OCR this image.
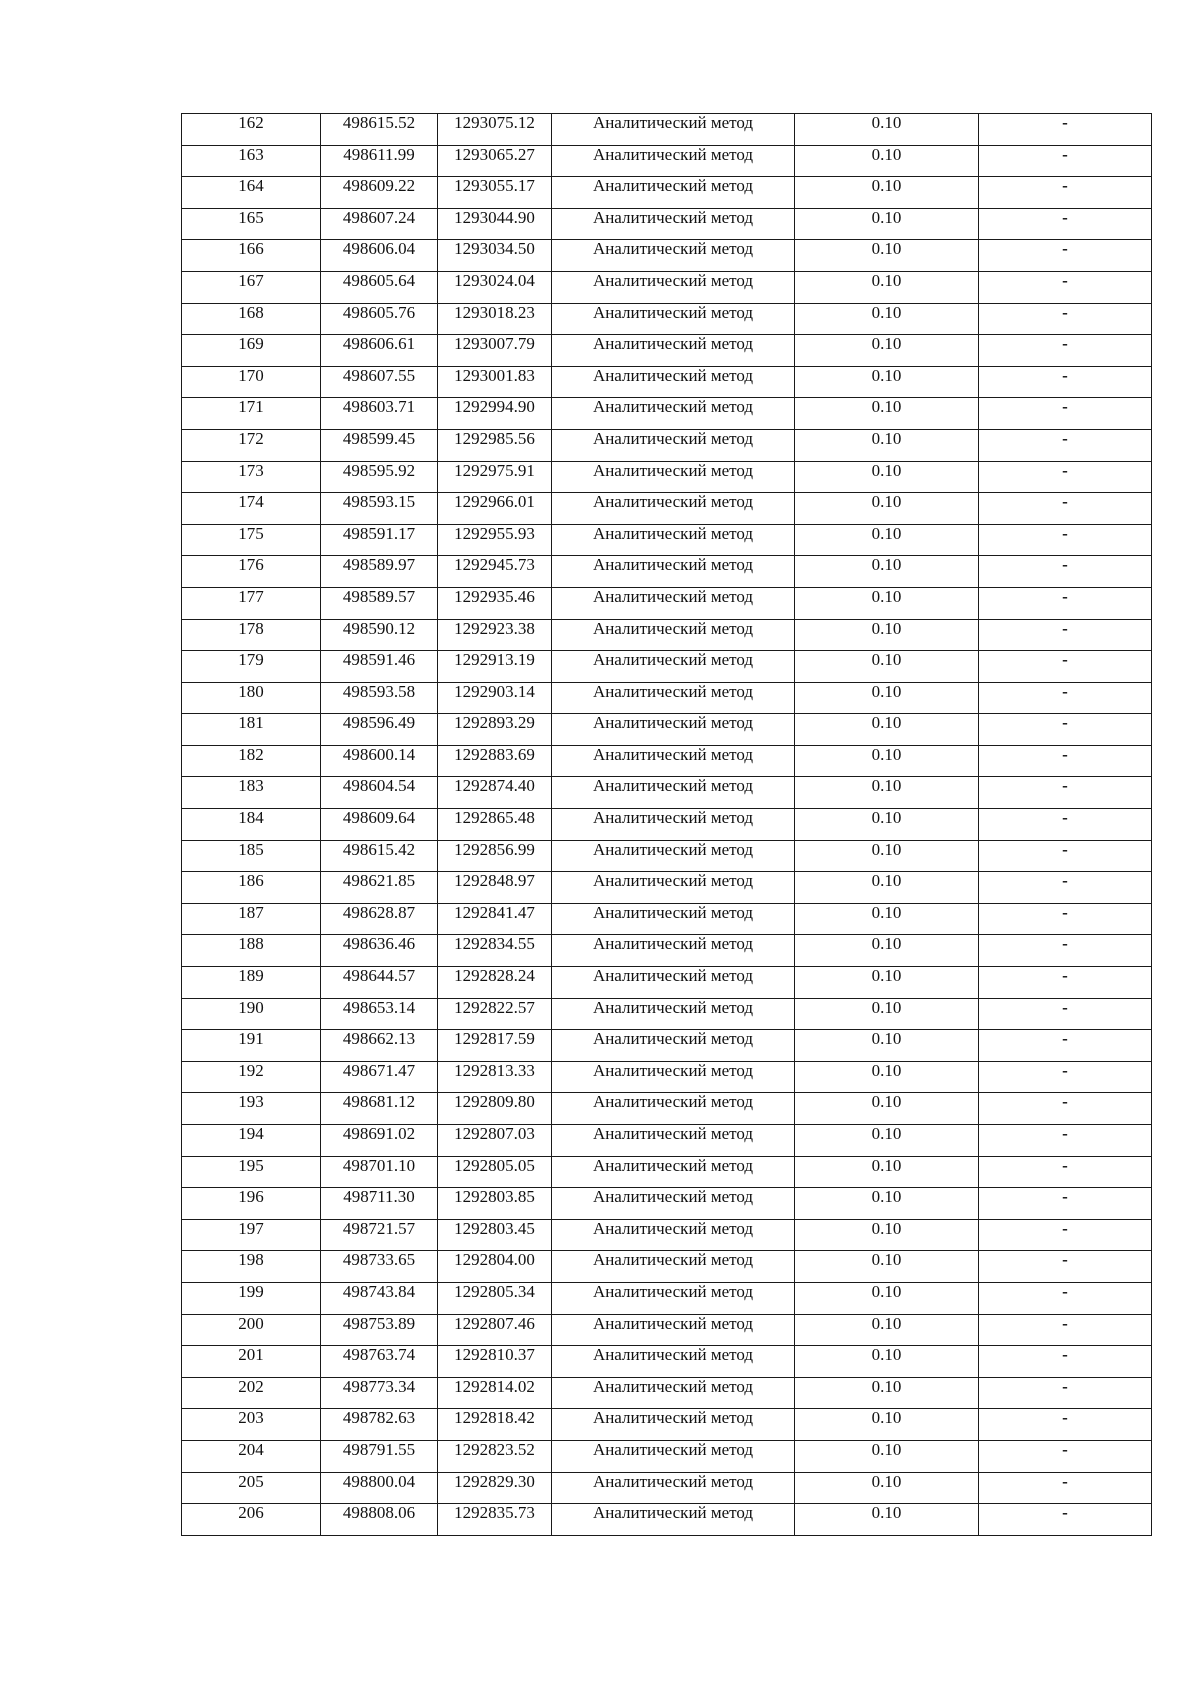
162	498615.52	1293075.12	Аналитический метод	0.10	-
163	498611.99	1293065.27	Аналитический метод	0.10	-
164	498609.22	1293055.17	Аналитический метод	0.10	-
165	498607.24	1293044.90	Аналитический метод	0.10	-
166	498606.04	1293034.50	Аналитический метод	0.10	-
167	498605.64	1293024.04	Аналитический метод	0.10	-
168	498605.76	1293018.23	Аналитический метод	0.10	-
169	498606.61	1293007.79	Аналитический метод	0.10	-
170	498607.55	1293001.83	Аналитический метод	0.10	-
171	498603.71	1292994.90	Аналитический метод	0.10	-
172	498599.45	1292985.56	Аналитический метод	0.10	-
173	498595.92	1292975.91	Аналитический метод	0.10	-
174	498593.15	1292966.01	Аналитический метод	0.10	-
175	498591.17	1292955.93	Аналитический метод	0.10	-
176	498589.97	1292945.73	Аналитический метод	0.10	-
177	498589.57	1292935.46	Аналитический метод	0.10	-
178	498590.12	1292923.38	Аналитический метод	0.10	-
179	498591.46	1292913.19	Аналитический метод	0.10	-
180	498593.58	1292903.14	Аналитический метод	0.10	-
181	498596.49	1292893.29	Аналитический метод	0.10	-
182	498600.14	1292883.69	Аналитический метод	0.10	-
183	498604.54	1292874.40	Аналитический метод	0.10	-
184	498609.64	1292865.48	Аналитический метод	0.10	-
185	498615.42	1292856.99	Аналитический метод	0.10	-
186	498621.85	1292848.97	Аналитический метод	0.10	-
187	498628.87	1292841.47	Аналитический метод	0.10	-
188	498636.46	1292834.55	Аналитический метод	0.10	-
189	498644.57	1292828.24	Аналитический метод	0.10	-
190	498653.14	1292822.57	Аналитический метод	0.10	-
191	498662.13	1292817.59	Аналитический метод	0.10	-
192	498671.47	1292813.33	Аналитический метод	0.10	-
193	498681.12	1292809.80	Аналитический метод	0.10	-
194	498691.02	1292807.03	Аналитический метод	0.10	-
195	498701.10	1292805.05	Аналитический метод	0.10	-
196	498711.30	1292803.85	Аналитический метод	0.10	-
197	498721.57	1292803.45	Аналитический метод	0.10	-
198	498733.65	1292804.00	Аналитический метод	0.10	-
199	498743.84	1292805.34	Аналитический метод	0.10	-
200	498753.89	1292807.46	Аналитический метод	0.10	-
201	498763.74	1292810.37	Аналитический метод	0.10	-
202	498773.34	1292814.02	Аналитический метод	0.10	-
203	498782.63	1292818.42	Аналитический метод	0.10	-
204	498791.55	1292823.52	Аналитический метод	0.10	-
205	498800.04	1292829.30	Аналитический метод	0.10	-
206	498808.06	1292835.73	Аналитический метод	0.10	-
